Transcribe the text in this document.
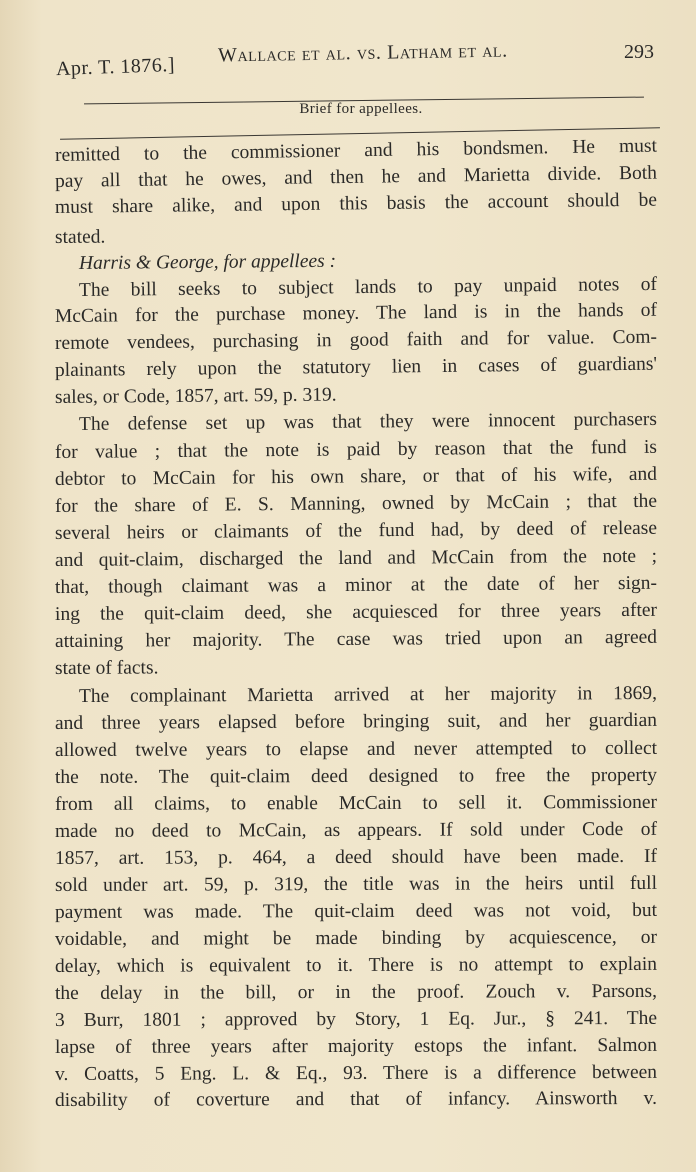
Apr. T. 1876.]
Wallace et al. vs. Latham et al.	293
Brief for appellees.
remitted to the commissioner and his bondsmen. He must
pay all that he owes, and then he and Marietta divide. Both
must share alike, and upon this basis the account should be
stated.
Harris & George, for appellees :
The bill seeks to subject lands to pay unpaid notes of
McCain for the purchase money. The land is in the hands of
remote vendees, purchasing in good faith and for value. Com-
plainants rely upon the statutory lien in cases of guardians'
sales, or Code, 1857, art. 59, p. 319.
The defense set up was that they were innocent purchasers
for value ; that the note is paid by reason that the fund is
debtor to McCain for his own share, or that of his wife, and
for the share of E. S. Manning, owned by McCain ; that the
several heirs or claimants of the fund had, by deed of release
and quit-claim, discharged the land and McCain from the note ;
that, though claimant was a minor at the date of her sign-
ing the quit-claim deed, she acquiesced for three years after
attaining her majority. The case was tried upon an agreed
state of facts.
The complainant Marietta arrived at her majority in 1869,
and three years elapsed before bringing suit, and her guardian
allowed twelve years to elapse and never attempted to collect
the note. The quit-claim deed designed to free the property
from all claims, to enable McCain to sell it. Commissioner
made no deed to McCain, as appears. If sold under Code of
1857, art. 153, p. 464, a deed should have been made. If
sold under art. 59, p. 319, the title was in the heirs until full
payment was made. The quit-claim deed was not void, but
voidable, and might be made binding by acquiescence, or
delay, which is equivalent to it. There is no attempt to explain
the delay in the bill, or in the proof. Zouch v. Parsons,
3 Burr, 1801 ; approved by Story, 1 Eq. Jur., § 241. The
lapse of three years after majority estops the infant. Salmon
v. Coatts, 5 Eng. L. & Eq., 93. There is a difference between
disability of coverture and that of infancy. Ainsworth v.
